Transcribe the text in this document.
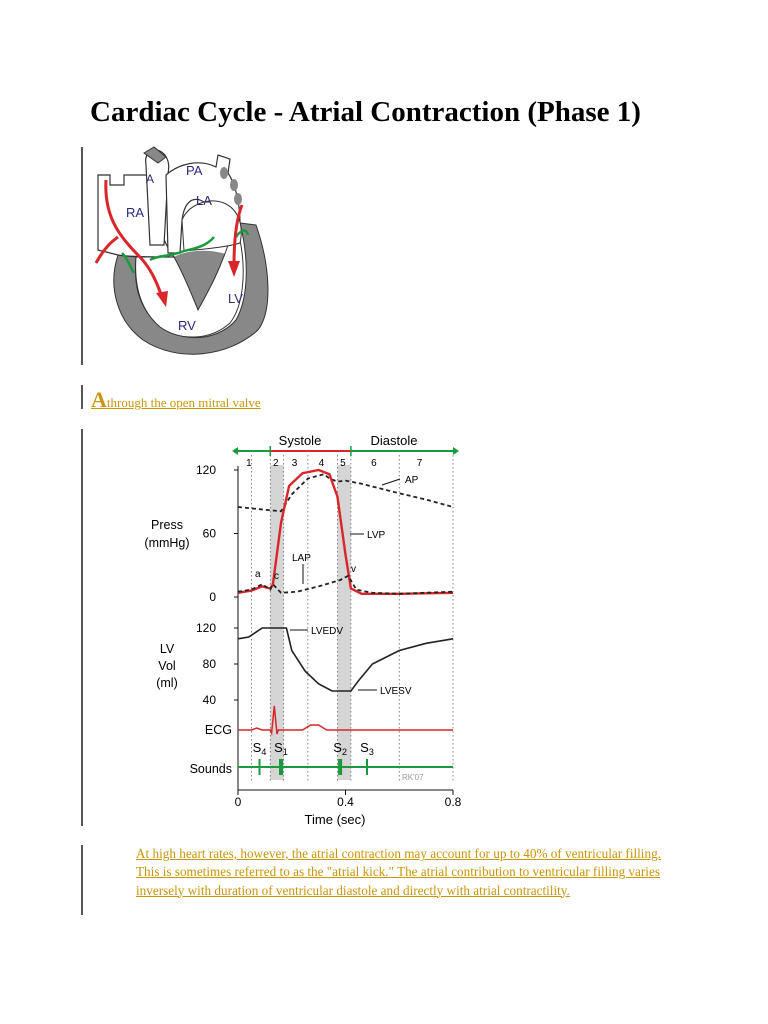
Cardiac Cycle - Atrial Contraction (Phase 1)
A
PA
RA
LA
LV
RV
Athrough the open mitral valve
1 2 3 4 5	6	7
120
60
0
120
80
40
0	0.4	0.8
$S_4$ $S_1$	$S_2$ $S_3$
Systole	Diastole
Press
(mmHg)
LV
Vol
(ml)
ECG
Sounds
Time (sec)
AP
LVP
LAP
a c
v
LVEDV
LVESV
RK'07

At high heart rates, however, the atrial contraction may account for up to 40% of ventricular filling. This is sometimes referred to as the "atrial kick." The atrial contribution to ventricular filling varies inversely with duration of ventricular diastole and directly with atrial contractility.
